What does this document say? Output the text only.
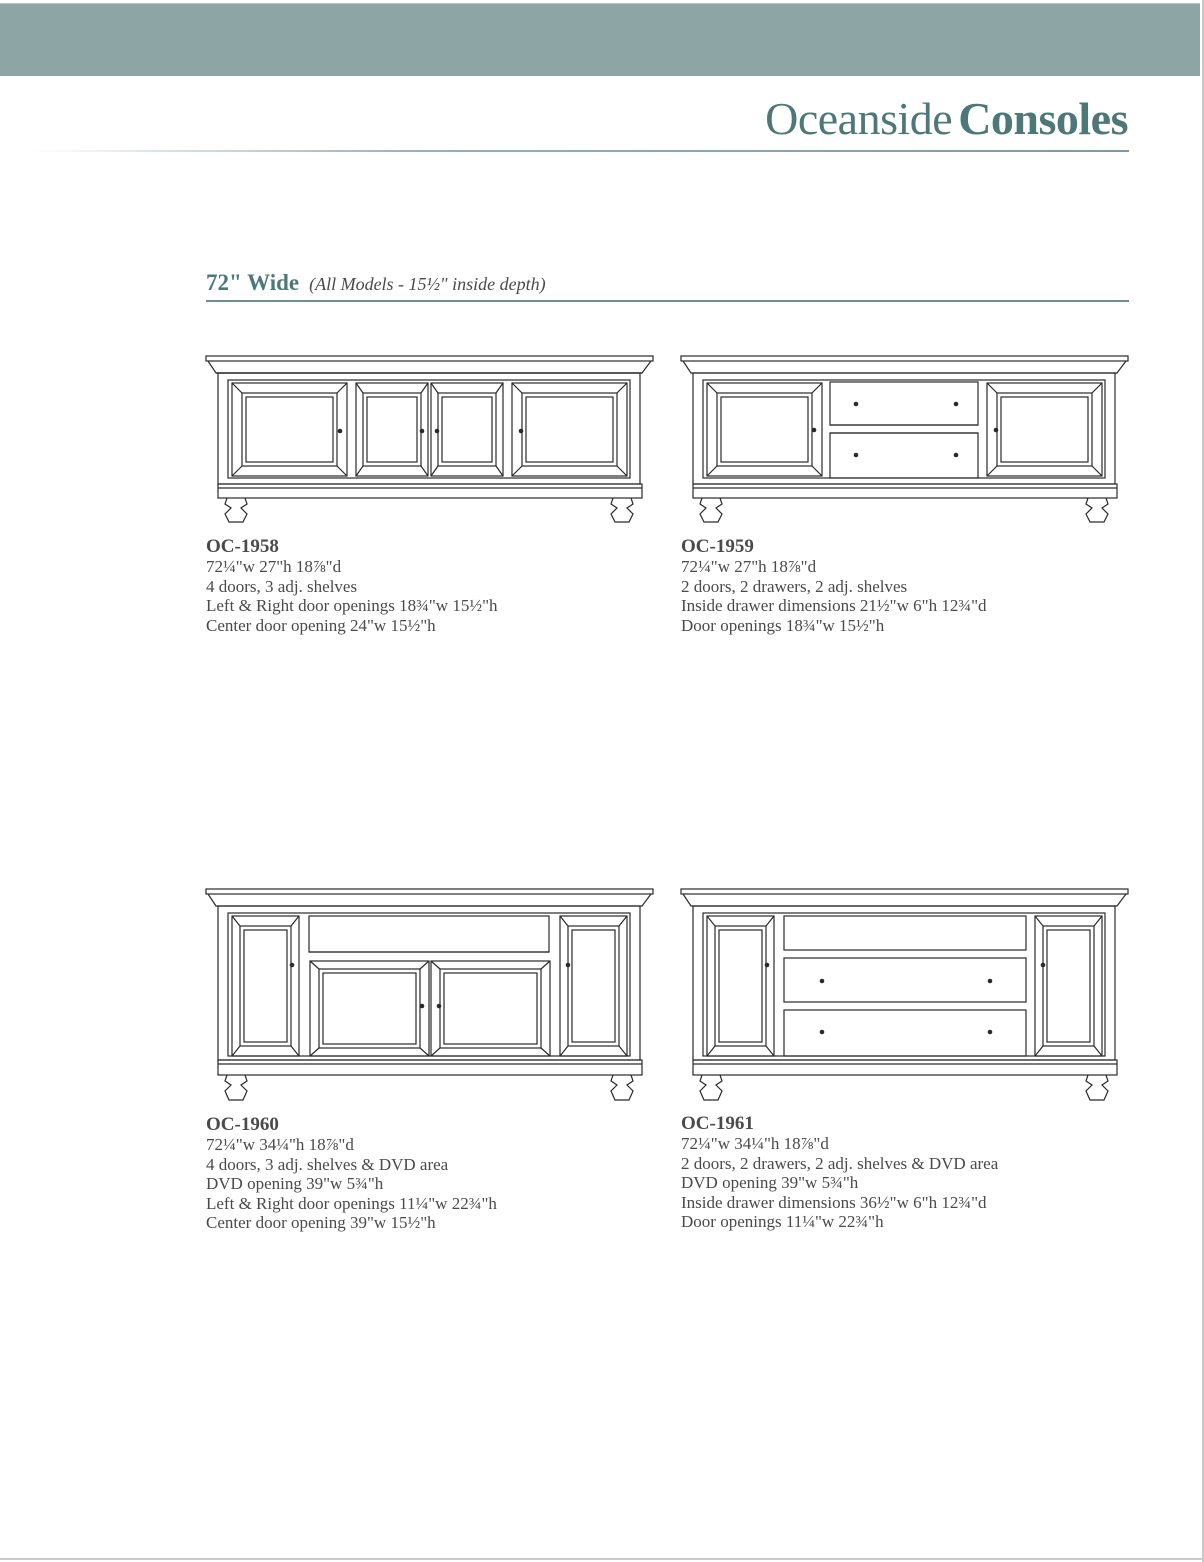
Oceanside Consoles
72" Wide (All Models - 15½" inside depth)
OC-1958
72¼"w 27"h 18⅞"d
4 doors, 3 adj. shelves
Left & Right door openings 18¾"w 15½"h
Center door opening 24"w 15½"h
OC-1959
72¼"w 27"h 18⅞"d
2 doors, 2 drawers, 2 adj. shelves
Inside drawer dimensions 21½"w 6"h 12¾"d
Door openings 18¾"w 15½"h
OC-1960
72¼"w 34¼"h 18⅞"d
4 doors, 3 adj. shelves & DVD area
DVD opening 39"w 5¾"h
Left & Right door openings 11¼"w 22¾"h
Center door opening 39"w 15½"h
OC-1961
72¼"w 34¼"h 18⅞"d
2 doors, 2 drawers, 2 adj. shelves & DVD area
DVD opening 39"w 5¾"h
Inside drawer dimensions 36½"w 6"h 12¾"d
Door openings 11¼"w 22¾"h
